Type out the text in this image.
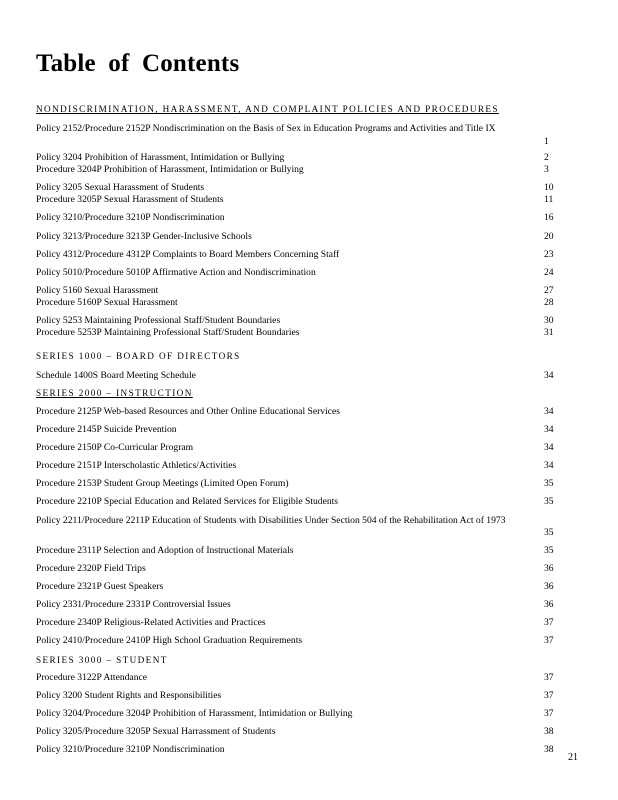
Table of Contents
NONDISCRIMINATION, HARASSMENT, AND COMPLAINT POLICIES AND PROCEDURES
Policy 2152/Procedure 2152P Nondiscrimination on the Basis of Sex in Education Programs and Activities and Title IX
1
Policy 3204 Prohibition of Harassment, Intimidation or Bullying	2
Procedure 3204P Prohibition of Harassment, Intimidation or Bullying	3
Policy 3205 Sexual Harassment of Students	10
Procedure 3205P Sexual Harassment of Students	11
Policy 3210/Procedure 3210P Nondiscrimination	16
Policy 3213/Procedure 3213P Gender-Inclusive Schools	20
Policy 4312/Procedure 4312P Complaints to Board Members Concerning Staff	23
Policy 5010/Procedure 5010P Affirmative Action and Nondiscrimination	24
Policy 5160 Sexual Harassment	27
Procedure 5160P Sexual Harassment	28
Policy 5253 Maintaining Professional Staff/Student Boundaries	30
Procedure 5253P Maintaining Professional Staff/Student Boundaries	31
SERIES 1000 – BOARD OF DIRECTORS
Schedule 1400S Board Meeting Schedule	34
SERIES 2000 – INSTRUCTION
Procedure 2125P Web-based Resources and Other Online Educational Services	34
Procedure 2145P Suicide Prevention	34
Procedure 2150P Co-Curricular Program	34
Procedure 2151P Interscholastic Athletics/Activities	34
Procedure 2153P Student Group Meetings (Limited Open Forum)	35
Procedure 2210P Special Education and Related Services for Eligible Students	35
Policy 2211/Procedure 2211P Education of Students with Disabilities Under Section 504 of the Rehabilitation Act of 1973
35
Procedure 2311P Selection and Adoption of Instructional Materials	35
Procedure 2320P Field Trips	36
Procedure 2321P Guest Speakers	36
Policy 2331/Procedure 2331P Controversial Issues	36
Procedure 2340P Religious-Related Activities and Practices	37
Policy 2410/Procedure 2410P High School Graduation Requirements	37
SERIES 3000 – STUDENT
Procedure 3122P Attendance	37
Policy 3200 Student Rights and Responsibilities	37
Policy 3204/Procedure 3204P Prohibition of Harassment, Intimidation or Bullying	37
Policy 3205/Procedure 3205P Sexual Harrassment of Students	38
Policy 3210/Procedure 3210P Nondiscrimination	38
21
